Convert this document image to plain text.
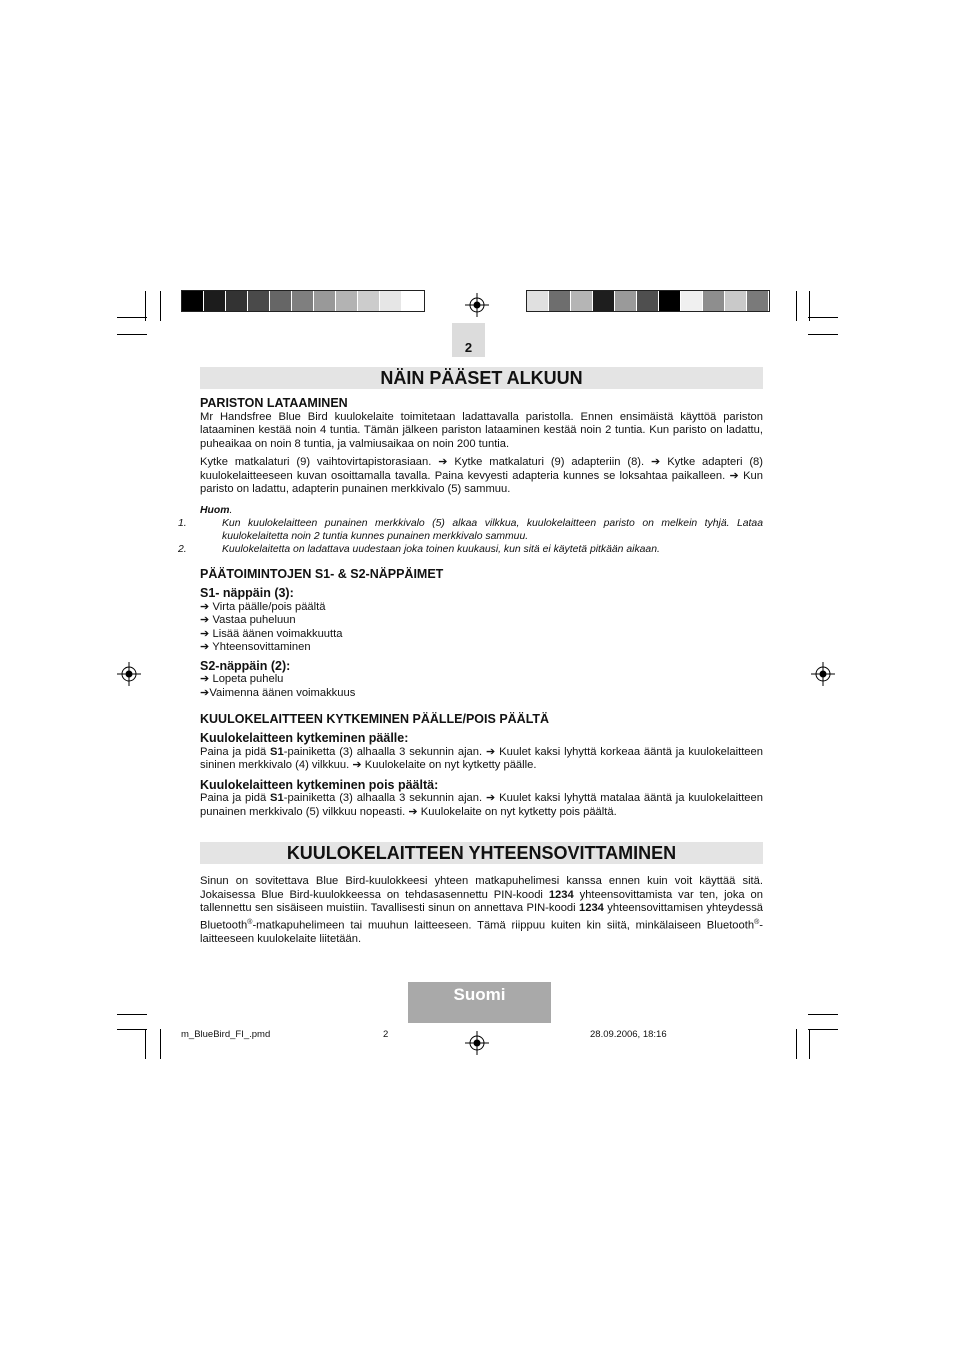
2
NÄIN PÄÄSET ALKUUN

PARISTON LATAAMINEN

Mr Handsfree Blue Bird kuulokelaite toimitetaan ladattavalla paristolla. Ennen ensimäistä käyttöä pariston lataaminen kestää noin 4 tuntia. Tämän jälkeen pariston lataaminen kestää noin 2 tuntia. Kun paristo on ladattu, puheaikaa on noin 8 tuntia, ja valmiusaikaa on noin 200 tuntia.

Kytke matkalaturi (9) vaihtovirtapistorasiaan. ➔ Kytke matkalaturi (9) adapteriin (8). ➔ Kytke adapteri (8) kuulokelaitteeseen kuvan osoittamalla tavalla. Paina kevyesti adapteria kunnes se loksahtaa paikalleen. ➔ Kun paristo on ladattu, adapterin punainen merkkivalo (5) sammuu.

Huom.
1.	Kun kuulokelaitteen punainen merkkivalo (5) alkaa vilkkua, kuulokelaitteen paristo on melkein tyhjä. Lataa kuulokelaitetta noin 2 tuntia kunnes punainen merkkivalo sammuu.
2.	Kuulokelaitetta on ladattava uudestaan joka toinen kuukausi, kun sitä ei käytetä pitkään aikaan.

PÄÄTOIMINTOJEN S1- & S2-NÄPPÄIMET

S1- näppäin (3):

➔ Virta päälle/pois päältä

➔ Vastaa puheluun

➔ Lisää äänen voimakkuutta

➔ Yhteensovittaminen

S2-näppäin (2):

➔ Lopeta puhelu

➔Vaimenna äänen voimakkuus

KUULOKELAITTEEN KYTKEMINEN PÄÄLLE/POIS PÄÄLTÄ

Kuulokelaitteen kytkeminen päälle:

Paina ja pidä S1-painiketta (3) alhaalla 3 sekunnin ajan. ➔ Kuulet kaksi lyhyttä korkeaa ääntä ja kuulokelaitteen sininen merkkivalo (4) vilkkuu. ➔ Kuulokelaite on nyt kytketty päälle.

Kuulokelaitteen kytkeminen pois päältä:

Paina ja pidä S1-painiketta (3) alhaalla 3 sekunnin ajan. ➔ Kuulet kaksi lyhyttä matalaa ääntä ja kuulokelaitteen punainen merkkivalo (5) vilkkuu nopeasti. ➔ Kuulokelaite on nyt kytketty pois päältä.

KUULOKELAITTEEN YHTEENSOVITTAMINEN

Sinun on sovitettava Blue Bird-kuulokkeesi yhteen matkapuhelimesi kanssa ennen kuin voit käyttää sitä. Jokaisessa Blue Bird-kuulokkeessa on tehdasasennettu PIN-koodi 1234 yhteensovittamista var ten, joka on tallennettu sen sisäiseen muistiin. Tavallisesti sinun on annettava PIN-koodi 1234 yhteensovittamisen yhteydessä Bluetooth®-matkapuhelimeen tai muuhun laitteeseen. Tämä riippuu kuiten kin siitä, minkälaiseen Bluetooth®-laitteeseen kuulokelaite liitetään.

Suomi
m_BlueBird_FI_.pmd	2	28.09.2006, 18:16
